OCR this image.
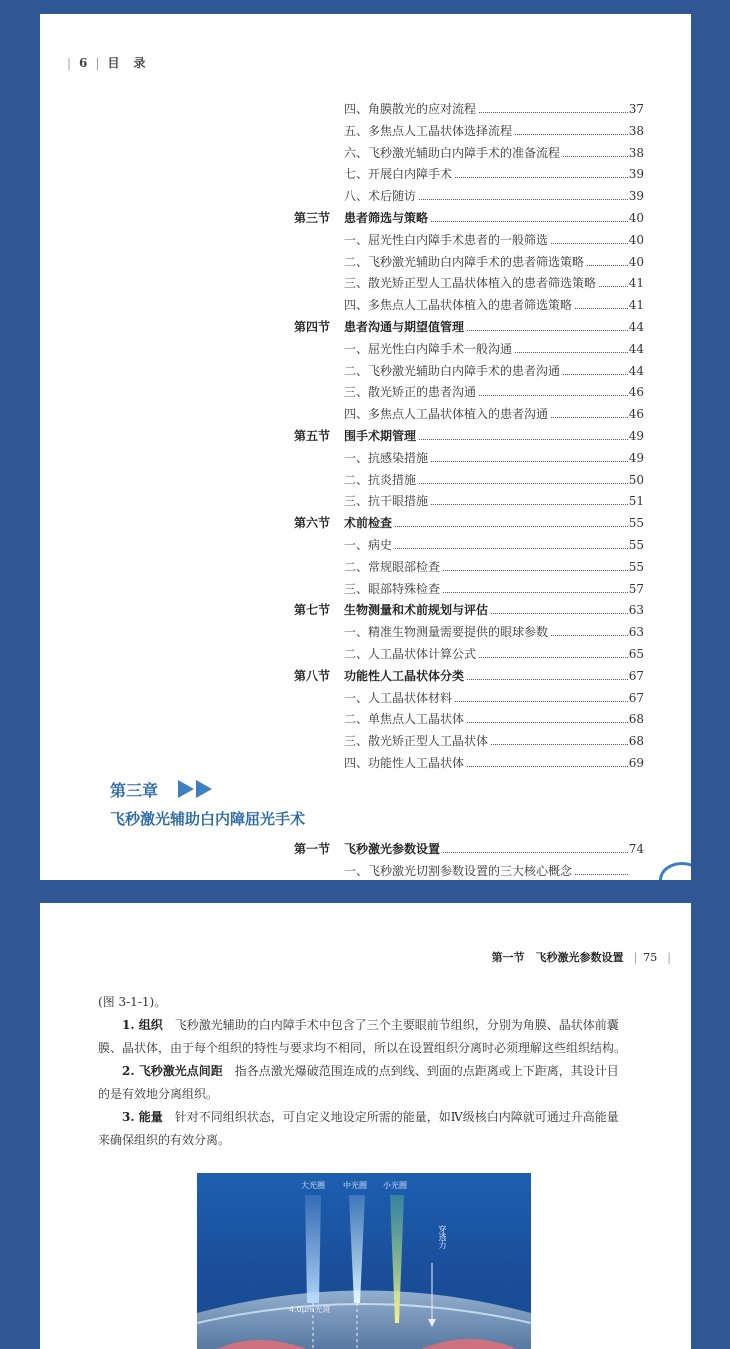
| 6 | 目　录
四、角膜散光的应对流程	37
五、多焦点人工晶状体选择流程	38
六、飞秒激光辅助白内障手术的准备流程	38
七、开展白内障手术	39
八、术后随访	39
第三节 患者筛选与策略	40
一、屈光性白内障手术患者的一般筛选	40
二、飞秒激光辅助白内障手术的患者筛选策略	40
三、散光矫正型人工晶状体植入的患者筛选策略	41
四、多焦点人工晶状体植入的患者筛选策略	41
第四节 患者沟通与期望值管理	44
一、屈光性白内障手术一般沟通	44
二、飞秒激光辅助白内障手术的患者沟通	44
三、散光矫正的患者沟通	46
四、多焦点人工晶状体植入的患者沟通	46
第五节 围手术期管理	49
一、抗感染措施	49
二、抗炎措施	50
三、抗干眼措施	51
第六节 术前检查	55
一、病史	55
二、常规眼部检查	55
三、眼部特殊检查	57
第七节 生物测量和术前规划与评估	63
一、精准生物测量需要提供的眼球参数	63
二、人工晶状体计算公式	65
第八节 功能性人工晶状体分类	67
一、人工晶状体材料	67
二、单焦点人工晶状体	68
三、散光矫正型人工晶状体	68
四、功能性人工晶状体	69
第三章
飞秒激光辅助白内障屈光手术
第一节 飞秒激光参数设置	74
一、飞秒激光切割参数设置的三大核心概念
第一节　飞秒激光参数设置 | 75 |

(图 3-1-1)。

1. 组织　 飞秒激光辅助的白内障手术中包含了三个主要眼前节组织，分别为角膜、晶状体前囊膜、晶状体，由于每个组织的特性与要求均不相同，所以在设置组织分离时必须理解这些组织结构。

2. 飞秒激光点间距　 指各点激光爆破范围连成的点到线、到面的点距离或上下距离，其设计目的是有效地分离组织。

3. 能量　 针对不同组织状态，可自定义地设定所需的能量，如Ⅳ级核白内障就可通过升高能量来确保组织的有效分离。

大光圈 中光圈 小光圈
穿透力
4.0μm光斑
